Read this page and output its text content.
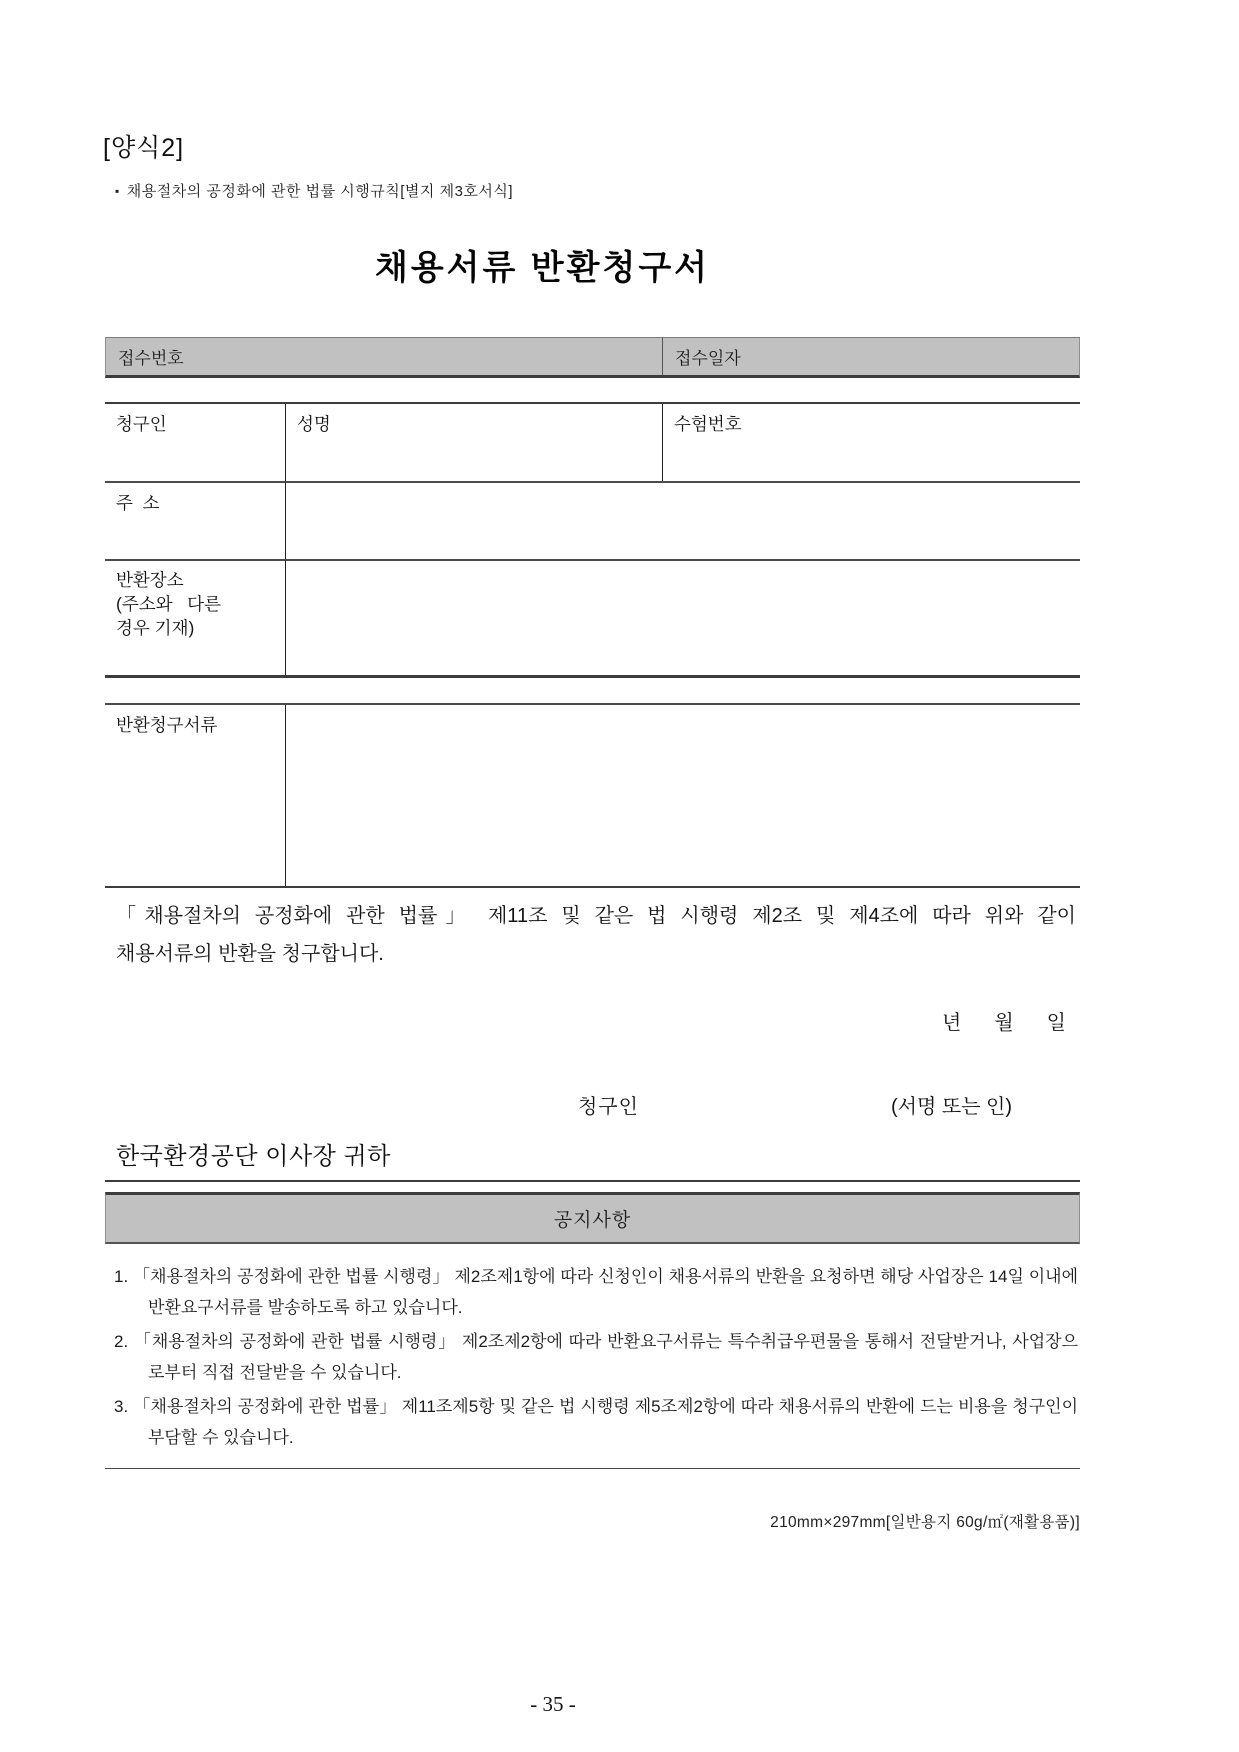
[양식2]
▪ 채용절차의 공정화에 관한 법률 시행규칙[별지 제3호서식]
채용서류 반환청구서
접수번호	접수일자
청구인	성명	수험번호
주  소
반환장소
(주소와   다른
경우 기재)
반환청구서류
「채용절차의 공정화에 관한 법률」 제11조 및 같은 법 시행령 제2조 및 제4조에 따라 위와 같이
채용서류의 반환을 청구합니다.
년 월 일
청구인	(서명 또는 인)
한국환경공단 이사장 귀하
공지사항
1. 「채용절차의 공정화에 관한 법률 시행령」 제2조제1항에 따라 신청인이 채용서류의 반환을 요청하면 해당 사업장은 14일 이내에 반환요구서류를 발송하도록 하고 있습니다.
2. 「채용절차의 공정화에 관한 법률 시행령」 제2조제2항에 따라 반환요구서류는 특수취급우편물을 통해서 전달받거나, 사업장으로부터 직접 전달받을 수 있습니다.
3. 「채용절차의 공정화에 관한 법률」 제11조제5항 및 같은 법 시행령 제5조제2항에 따라 채용서류의 반환에 드는 비용을 청구인이 부담할 수 있습니다.
210mm×297mm[일반용지 60g/㎡(재활용품)]
- 35 -
